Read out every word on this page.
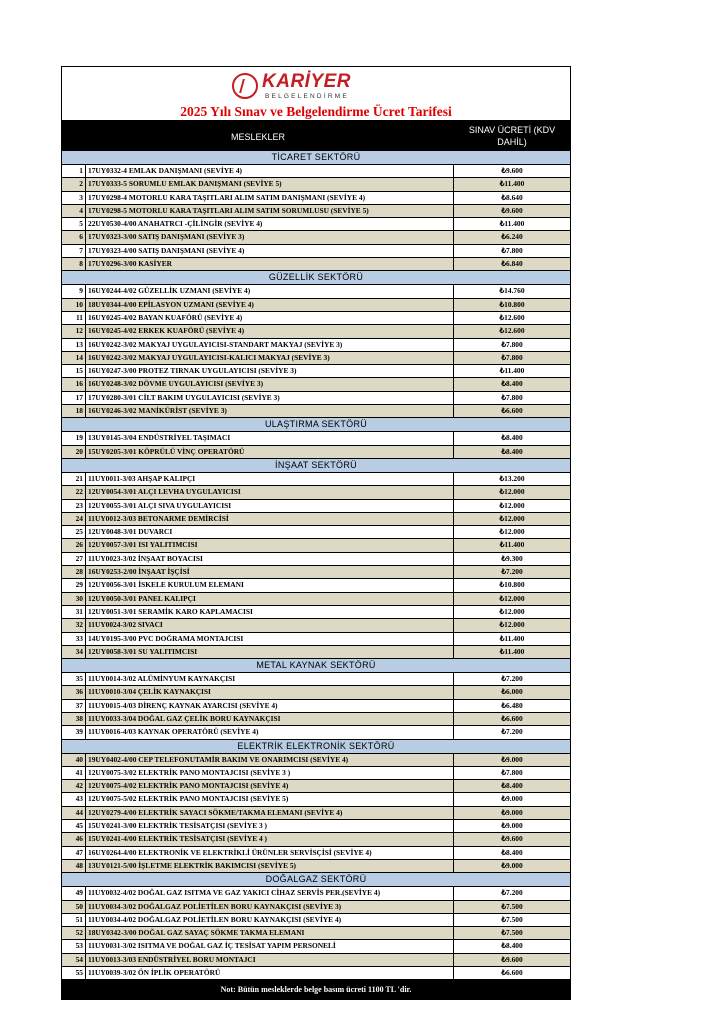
KARİYER
BELGELENDİRME
2025 Yılı Sınav ve Belgelendirme Ücret Tarifesi
MESLEKLER
SINAV ÜCRETİ (KDV
DAHİL)
TİCARET SEKTÖRÜ
1 17UY0332-4 EMLAK DANIŞMANI (SEVİYE 4)	₺9.600
2 17UY0333-5 SORUMLU EMLAK DANIŞMANI (SEVİYE 5)	₺11.400
3 17UY0298-4 MOTORLU KARA TAŞITLARI ALIM SATIM DANIŞMANI (SEVİYE 4)	₺8.640
4 17UY0298-5 MOTORLU KARA TAŞITLARI ALIM SATIM SORUMLUSU (SEVİYE 5)	₺9.600
5 22UY0530-4/00 ANAHATRCI -ÇİLİNGİR (SEVİYE 4)	₺11.400
6 17UY0323-3/00 SATIŞ DANIŞMANI (SEVİYE 3)	₺6.240
7 17UY0323-4/00 SATIŞ DANIŞMANI (SEVİYE 4)	₺7.800
8 17UY0296-3/00 KASİYER	₺6.840
GÜZELLİK SEKTÖRÜ
9 16UY0244-4/02 GÜZELLİK UZMANI (SEVİYE 4)	₺14.760
10 18UY0344-4/00 EPİLASYON UZMANI (SEVİYE 4)	₺10.800
11 16UY0245-4/02 BAYAN KUAFÖRÜ (SEVİYE 4)	₺12.600
12 16UY0245-4/02 ERKEK KUAFÖRÜ (SEVİYE 4)	₺12.600
13 16UY0242-3/02 MAKYAJ UYGULAYICISI-STANDART MAKYAJ (SEVİYE 3)	₺7.800
14 16UY0242-3/02 MAKYAJ UYGULAYICISI-KALICI MAKYAJ (SEVİYE 3)	₺7.800
15 16UY0247-3/00 PROTEZ TIRNAK UYGULAYICISI (SEVİYE 3)	₺11.400
16 16UY0248-3/02 DÖVME UYGULAYICISI (SEVİYE 3)	₺8.400
17 17UY0280-3/01 CİLT BAKIM UYGULAYICISI (SEVİYE 3)	₺7.800
18 16UY0246-3/02 MANİKÜRİST (SEVİYE 3)	₺6.600
ULAŞTIRMA SEKTÖRÜ
19 13UY0145-3/04 ENDÜSTRİYEL TAŞIMACI	₺8.400
20 15UY0205-3/01 KÖPRÜLÜ VİNÇ OPERATÖRÜ	₺8.400
İNŞAAT SEKTÖRÜ
21 11UY0011-3/03 AHŞAP KALIPÇI	₺13.200
22 12UY0054-3/01 ALÇI LEVHA UYGULAYICISI	₺12.000
23 12UY0055-3/01 ALÇI SIVA UYGULAYICISI	₺12.000
24 11UY0012-3/03 BETONARME DEMİRCİSİ	₺12.000
25 12UY0048-3/01 DUVARCI	₺12.000
26 12UY0057-3/01 ISI YALITIMCISI	₺11.400
27 11UY0023-3/02 İNŞAAT BOYACISI	₺9.300
28 16UY0253-2/00 İNŞAAT İŞÇİSİ	₺7.200
29 12UY0056-3/01 İSKELE KURULUM ELEMANI	₺10.800
30 12UY0050-3/01 PANEL KALIPÇI	₺12.000
31 12UY0051-3/01 SERAMİK KARO KAPLAMACISI	₺12.000
32 11UY0024-3/02 SIVACI	₺12.000
33 14UY0195-3/00 PVC DOĞRAMA MONTAJCISI	₺11.400
34 12UY0058-3/01 SU YALITIMCISI	₺11.400
METAL KAYNAK SEKTÖRÜ
35 11UY0014-3/02 ALÜMİNYUM KAYNAKÇISI	₺7.200
36 11UY0010-3/04 ÇELİK KAYNAKÇISI	₺6.000
37 11UY0015-4/03 DİRENÇ KAYNAK AYARCISI (SEVİYE 4)	₺6.480
38 11UY0033-3/04 DOĞAL GAZ ÇELİK BORU KAYNAKÇISI	₺6.600
39 11UY0016-4/03 KAYNAK OPERATÖRÜ (SEVİYE 4)	₺7.200
ELEKTRİK ELEKTRONİK SEKTÖRÜ
40 19UY0402-4/00 CEP TELEFONUTAMİR BAKIM VE ONARIMCISI (SEVİYE 4)	₺9.000
41 12UY0075-3/02 ELEKTRİK PANO MONTAJCISI (SEVİYE 3 )	₺7.800
42 12UY0075-4/02 ELEKTRİK PANO MONTAJCISI (SEVİYE 4)	₺8.400
43 12UY0075-5/02 ELEKTRİK PANO MONTAJCISI (SEVİYE 5)	₺9.000
44 12UY0279-4/00 ELEKTRİK SAYACI SÖKME/TAKMA ELEMANI (SEVİYE 4)	₺9.000
45 15UY0241-3/00 ELEKTRİK TESİSATÇISI (SEVİYE 3 )	₺9.000
46 15UY0241-4/00 ELEKTRİK TESİSATÇISI (SEVİYE 4 )	₺9.600
47 16UY0264-4/00 ELEKTRONİK VE ELEKTRİKLİ ÜRÜNLER SERVİSÇİSİ (SEVİYE 4)	₺8.400
48 13UY0121-5/00 İŞLETME ELEKTRİK BAKIMCISI (SEVİYE 5)	₺9.000
DOĞALGAZ SEKTÖRÜ
49 11UY0032-4/02 DOĞAL GAZ ISITMA VE GAZ YAKICI CİHAZ SERVİS PER.(SEVİYE 4)	₺7.200
50 11UY0034-3/02 DOĞALGAZ POLİETİLEN BORU KAYNAKÇISI (SEVİYE 3)	₺7.500
51 11UY0034-4/02 DOĞALGAZ POLİETİLEN BORU KAYNAKÇISI (SEVİYE 4)	₺7.500
52 18UY0342-3/00 DOĞAL GAZ SAYAÇ SÖKME TAKMA ELEMANI	₺7.500
53 11UY0031-3/02 ISITMA VE DOĞAL GAZ İÇ TESİSAT YAPIM PERSONELİ	₺8.400
54 11UY0013-3/03 ENDÜSTRİYEL BORU MONTAJCI	₺9.600
55 11UY0039-3/02 ÖN İPLİK OPERATÖRÜ	₺6.600
Not: Bütün mesleklerde belge basım ücreti 1100 TL 'dir.
